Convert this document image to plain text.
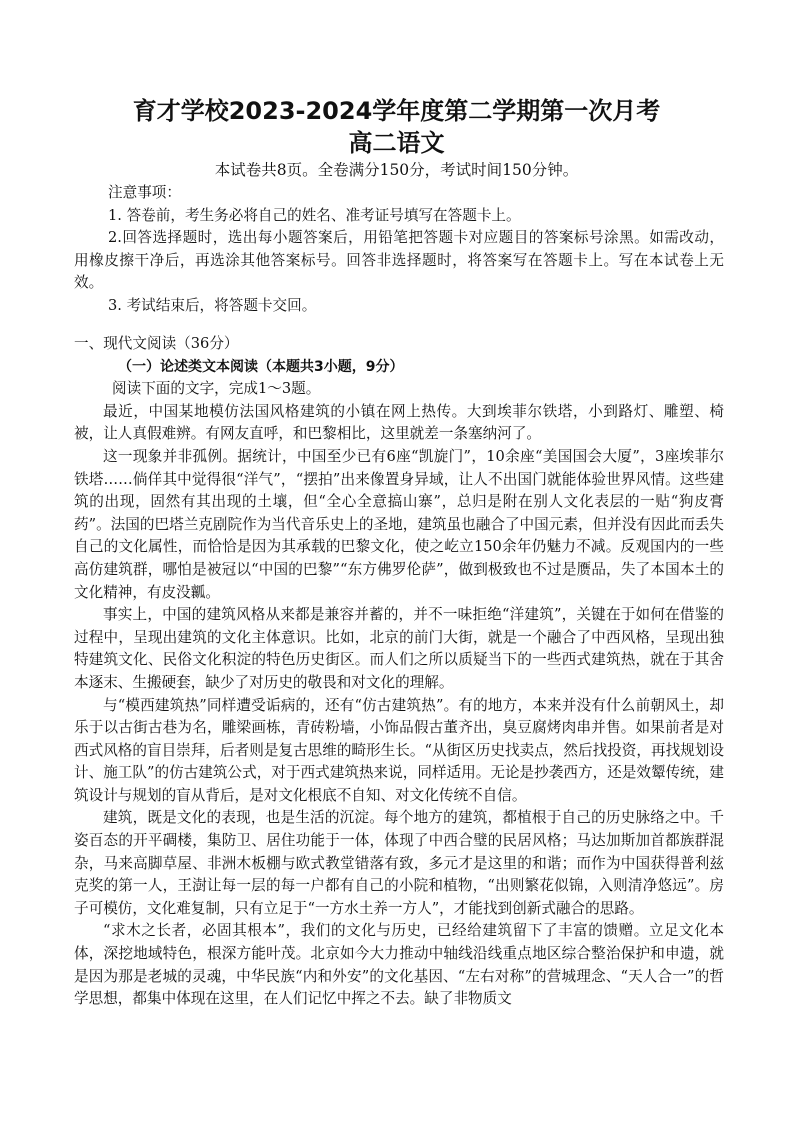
育才学校2023-2024学年度第二学期第一次月考
高二语文
本试卷共8页。全卷满分150分，考试时间150分钟。

注意事项：

1. 答卷前，考生务必将自己的姓名、准考证号填写在答题卡上。

2.回答选择题时，选出每小题答案后，用铅笔把答题卡对应题目的答案标号涂黑。如需改动， 用橡皮擦干净后，再选涂其他答案标号。回答非选择题时，将答案写在答题卡上。写在本试卷上无效。

3. 考试结束后，将答题卡交回。

一、现代文阅读（36分）

（一）论述类文本阅读（本题共3小题，9分）

阅读下面的文字，完成1～3题。

最近，中国某地模仿法国风格建筑的小镇在网上热传。大到埃菲尔铁塔，小到路灯、雕塑、椅被，让人真假难辨。有网友直呼，和巴黎相比，这里就差一条塞纳河了。

这一现象并非孤例。据统计，中国至少已有6座“凯旋门”，10余座“美国国会大厦”，3座埃菲尔铁塔……倘佯其中觉得很“洋气”，“摆拍”出来像置身异域，让人不出国门就能体验世界风情。这些建筑的出现，固然有其出现的土壤，但“全心全意搞山寨”，总归是附在别人文化表层的一贴“狗皮膏药”。法国的巴塔兰克剧院作为当代音乐史上的圣地，建筑虽也融合了中国元素，但并没有因此而丢失自己的文化属性，而恰恰是因为其承载的巴黎文化，使之屹立150余年仍魅力不减。反观国内的一些高仿建筑群，哪怕是被冠以“中国的巴黎”“东方佛罗伦萨”，做到极致也不过是赝品，失了本国本土的文化精神，有皮没瓤。

事实上，中国的建筑风格从来都是兼容并蓄的，并不一味拒绝“洋建筑”，关键在于如何在借鉴的过程中，呈现出建筑的文化主体意识。比如，北京的前门大街，就是一个融合了中西风格，呈现出独特建筑文化、民俗文化积淀的特色历史街区。而人们之所以质疑当下的一些西式建筑热，就在于其舍本逐末、生搬硬套，缺少了对历史的敬畏和对文化的理解。

与“模西建筑热”同样遭受诟病的，还有“仿古建筑热”。有的地方，本来并没有什么前朝风土，却乐于以古街古巷为名，雕梁画栋，青砖粉墙，小饰品假古董齐出，臭豆腐烤肉串并售。如果前者是对西式风格的盲目崇拜，后者则是复古思维的畸形生长。“从街区历史找卖点，然后找投资，再找规划设计、施工队”的仿古建筑公式，对于西式建筑热来说，同样适用。无论是抄袭西方，还是效颦传统，建筑设计与规划的盲从背后，是对文化根底不自知、对文化传统不自信。

建筑，既是文化的表现，也是生活的沉淀。每个地方的建筑，都植根于自己的历史脉络之中。千姿百态的开平碉楼，集防卫、居住功能于一体，体现了中西合璧的民居风格；马达加斯加首都族群混杂，马来高脚草屋、非洲木板棚与欧式教堂错落有致，多元才是这里的和谐；而作为中国获得普利兹克奖的第一人，王澍让每一层的每一户都有自己的小院和植物，“出则繁花似锦，入则清净悠远”。房子可模仿，文化难复制，只有立足于“一方水土养一方人”，才能找到创新式融合的思路。

“求木之长者，必固其根本”，我们的文化与历史，已经给建筑留下了丰富的馈赠。立足文化本体，深挖地域特色，根深方能叶茂。北京如今大力推动中轴线沿线重点地区综合整治保护和申遗，就是因为那是老城的灵魂，中华民族“内和外安”的文化基因、“左右对称”的营城理念、“天人合一”的哲学思想，都集中体现在这里，在人们记忆中挥之不去。缺了非物质文
